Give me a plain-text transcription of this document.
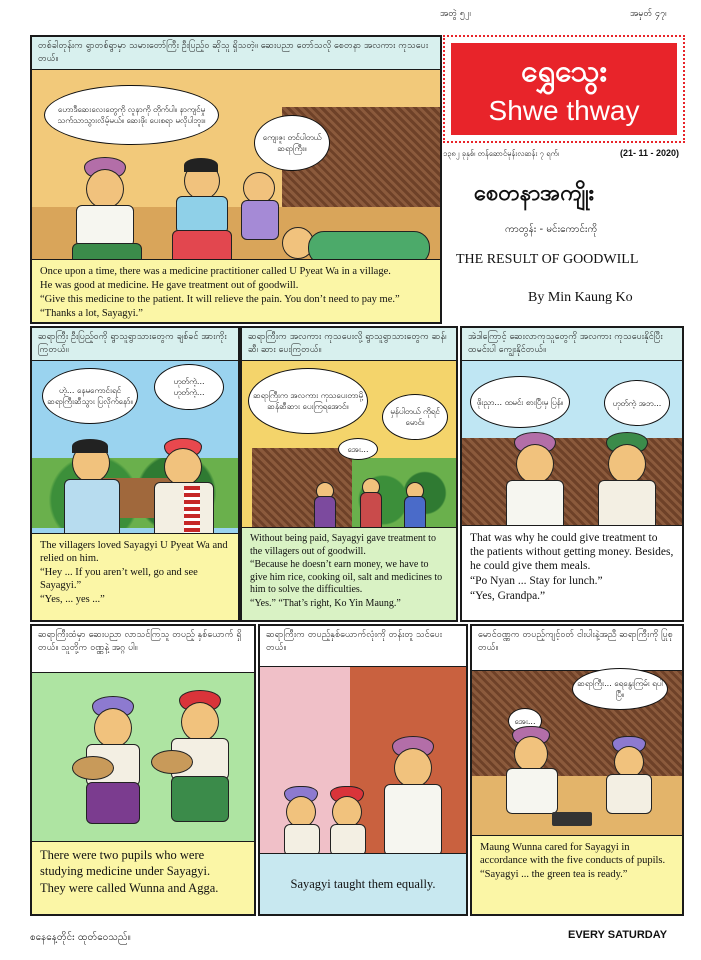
အတွဲ ၅၂၊	အမှတ် ၄၇၊
ရွှေသွေး
Shwe thway
၁၃၈၂ ခုနှစ်၊ တန်ဆောင်မုန်းလဆန်း ၇ ရက်၊	(21- 11 - 2020)
စေတနာအကျိုး
ကာတွန်း - မင်းကောင်းကို
THE RESULT OF GOODWILL
By Min Kaung Ko
တစ်ခါတုန်းက ရွာတစ်ရွာမှာ သမားတော်ကြီး ဦးပြည့်ဝ ဆိုသူ ရှိသတဲ့။ ဆေးပညာ တော်သလို စေတနာ အလကား ကုသပေးတယ်။
ဟောဒီဆေးလေးတွေကို လူနာကို တိုက်ပါ။ နာကျင်မှု သက်သာသွားလိမ့်မယ်။ ဆေးဖိုး ပေးစရာ မလိုပါဘူး။
ကျေးဇူး တင်ပါတယ် ဆရာကြီး။

Once upon a time, there was a medicine practitioner called U Pyeat Wa in a village.

He was good at medicine. He gave treatment out of goodwill.

“Give this medicine to the patient. It will relieve the pain. You don’t need to pay me.”

“Thanks a lot, Sayagyi.”

ဆရာကြီး ဦးပြည့်ဝကို ရွာသူရွာသားတွေက ချစ်ခင် အားကိုးကြတယ်။
ဟဲ့... နေမကောင်းရင် ဆရာကြီးဆီသွား ပြလိုက်နော်။
ဟုတ်ကဲ့... ဟုတ်ကဲ့...

The villagers loved Sayagyi U Pyeat Wa and relied on him.

“Hey ... If you aren’t well, go and see Sayagyi.”

“Yes, ... yes ...”

ဆရာကြီးက အလကား ကုသပေးလို့ ရွာသူရွာသားတွေက ဆန်၊ ဆီ၊ ဆား ပေးကြတယ်။
ဆရာကြီးက အလကား ကုသပေးတာမို့ ဆန်ဆီဆား ပေးကြရအောင်။
မှန်ပါတယ် ကိုရင်မောင်။
အေး...

Without being paid, Sayagyi gave treatment to the villagers out of goodwill.

“Because he doesn’t earn money, we have to give him rice, cooking oil, salt and medicines to him to solve the difficulties.

“Yes.” “That’s right, Ko Yin Maung.”

အဲဒါကြောင့် ဆေးလာကုသူတွေကို အလကား ကုသပေးနိုင်ပြီး ထမင်းပါ ကျွေးနိုင်တယ်။
ဖိုးညှာ... ထမင်း စားပြီးမှ ပြန်။	ဟုတ်ကဲ့ အဘ...

That was why he could give treatment to the patients without getting money. Besides, he could give them meals.

“Po Nyan ... Stay for lunch.”

“Yes, Grandpa.”

ဆရာကြီးထံမှာ ဆေးပညာ လာသင်ကြသူ တပည့် နှစ်ယောက် ရှိတယ်။ သူတို့က ဝဏ္ဏနဲ့ အဂ္ဂ ပါ။

There were two pupils who were studying medicine under Sayagyi.

They were called Wunna and Agga.

ဆရာကြီးက တပည့်နှစ်ယောက်လုံးကို တန်းတူ သင်ပေးတယ်။
Sayagyi taught them equally.
မောင်ဝဏ္ဏက တပည့်ကျင့်ဝတ် ငါးပါးနဲ့အညီ ဆရာကြီးကို ပြုစုတယ်။
ဆရာကြီး... ရေနွေးကြမ်း ရပါပြီ။
အေး...

Maung Wunna cared for Sayagyi in accordance with the five conducts of pupils.

“Sayagyi ... the green tea is ready.”

စနေနေ့တိုင်း ထုတ်ဝေသည်။	EVERY SATURDAY
